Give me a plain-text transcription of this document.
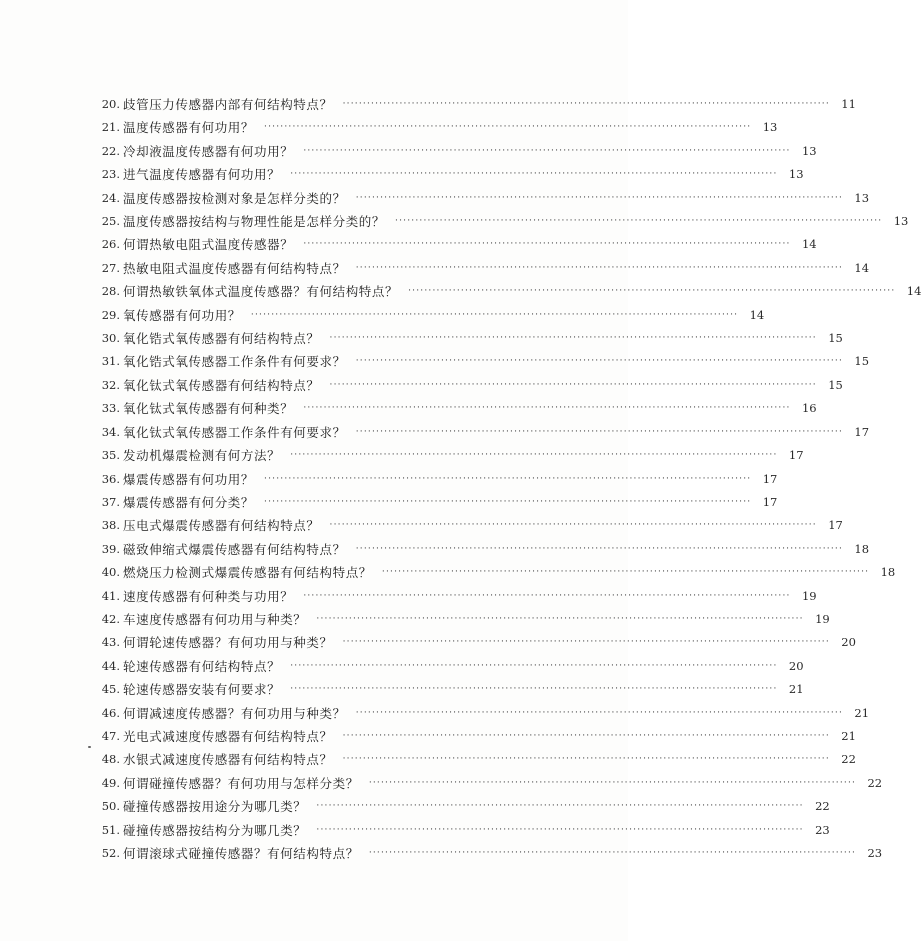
20. 歧管压力传感器内部有何结构特点？ ························································································································ 11
21. 温度传感器有何功用？ ························································································································ 13
22. 冷却液温度传感器有何功用？ ························································································································ 13
23. 进气温度传感器有何功用？ ························································································································ 13
24. 温度传感器按检测对象是怎样分类的？ ························································································································ 13
25. 温度传感器按结构与物理性能是怎样分类的？ ························································································································ 13
26. 何谓热敏电阻式温度传感器？ ························································································································ 14
27. 热敏电阻式温度传感器有何结构特点？ ························································································································ 14
28. 何谓热敏铁氧体式温度传感器？有何结构特点？ ························································································································ 14
29. 氧传感器有何功用？ ························································································································ 14
30. 氧化锆式氧传感器有何结构特点？ ························································································································ 15
31. 氧化锆式氧传感器工作条件有何要求？ ························································································································ 15
32. 氧化钛式氧传感器有何结构特点？ ························································································································ 15
33. 氧化钛式氧传感器有何种类？ ························································································································ 16
34. 氧化钛式氧传感器工作条件有何要求？ ························································································································ 17
35. 发动机爆震检测有何方法？ ························································································································ 17
36. 爆震传感器有何功用？ ························································································································ 17
37. 爆震传感器有何分类？ ························································································································ 17
38. 压电式爆震传感器有何结构特点？ ························································································································ 17
39. 磁致伸缩式爆震传感器有何结构特点？ ························································································································ 18
40. 燃烧压力检测式爆震传感器有何结构特点？ ························································································································ 18
41. 速度传感器有何种类与功用？ ························································································································ 19
42. 车速度传感器有何功用与种类？ ························································································································ 19
43. 何谓轮速传感器？有何功用与种类？ ························································································································ 20
44. 轮速传感器有何结构特点？ ························································································································ 20
45. 轮速传感器安装有何要求？ ························································································································ 21
46. 何谓减速度传感器？有何功用与种类？ ························································································································ 21
47. 光电式减速度传感器有何结构特点？ ························································································································ 21
48. 水银式减速度传感器有何结构特点？ ························································································································ 22
49. 何谓碰撞传感器？有何功用与怎样分类？ ························································································································ 22
50. 碰撞传感器按用途分为哪几类？ ························································································································ 22
51. 碰撞传感器按结构分为哪几类？ ························································································································ 23
52. 何谓滚球式碰撞传感器？有何结构特点？ ························································································································ 23
